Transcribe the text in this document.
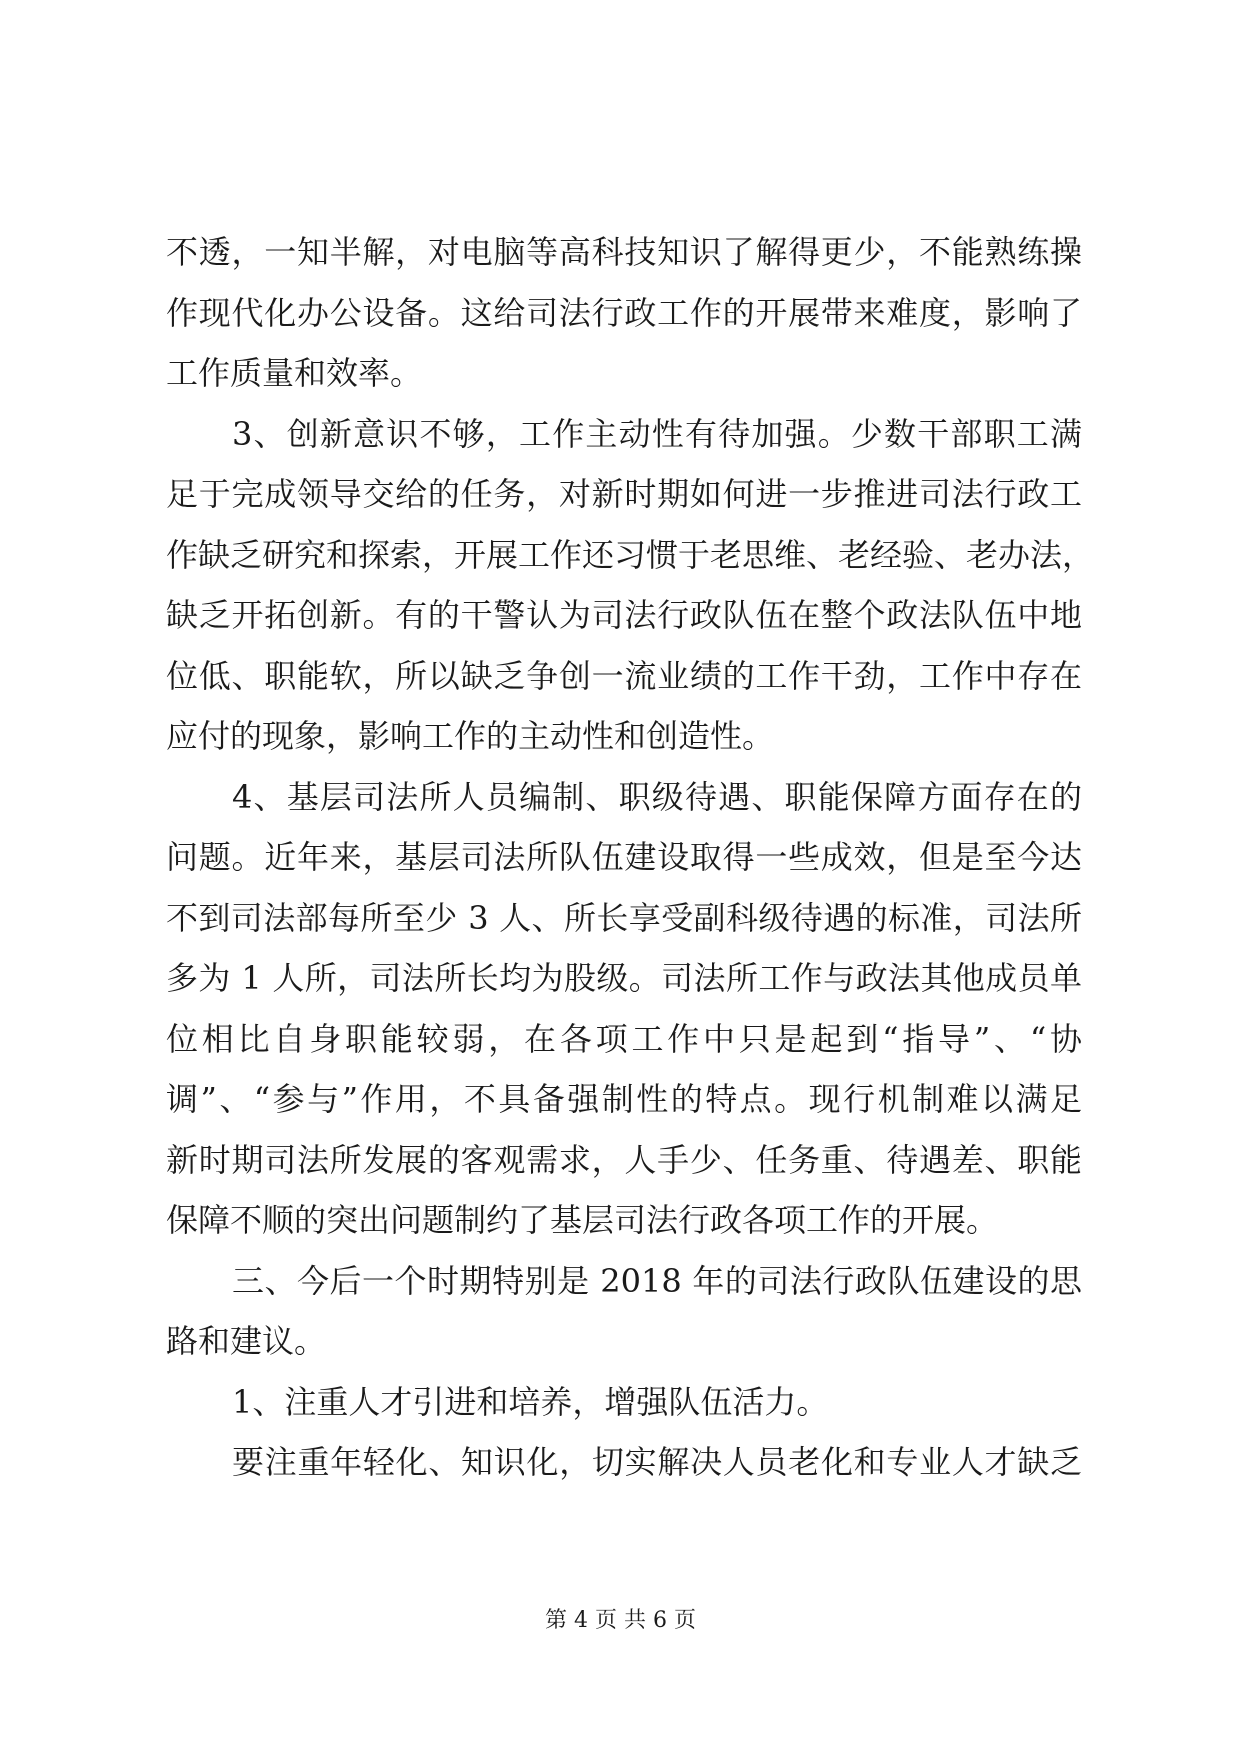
不透，一知半解，对电脑等高科技知识了解得更少，不能熟练操
作现代化办公设备。这给司法行政工作的开展带来难度，影响了
工作质量和效率。
3、创新意识不够，工作主动性有待加强。少数干部职工满
足于完成领导交给的任务，对新时期如何进一步推进司法行政工
作缺乏研究和探索，开展工作还习惯于老思维、老经验、老办法，
缺乏开拓创新。有的干警认为司法行政队伍在整个政法队伍中地
位低、职能软，所以缺乏争创一流业绩的工作干劲，工作中存在
应付的现象，影响工作的主动性和创造性。
4、基层司法所人员编制、职级待遇、职能保障方面存在的
问题。近年来，基层司法所队伍建设取得一些成效，但是至今达
不到司法部每所至少 3 人、所长享受副科级待遇的标准，司法所
多为 1 人所，司法所长均为股级。司法所工作与政法其他成员单
位相比自身职能较弱，在各项工作中只是起到“指导”、“协
调”、“参与”作用，不具备强制性的特点。现行机制难以满足
新时期司法所发展的客观需求，人手少、任务重、待遇差、职能
保障不顺的突出问题制约了基层司法行政各项工作的开展。
三、今后一个时期特别是 2018 年的司法行政队伍建设的思
路和建议。
1、注重人才引进和培养，增强队伍活力。
要注重年轻化、知识化，切实解决人员老化和专业人才缺乏
第 4 页 共 6 页
